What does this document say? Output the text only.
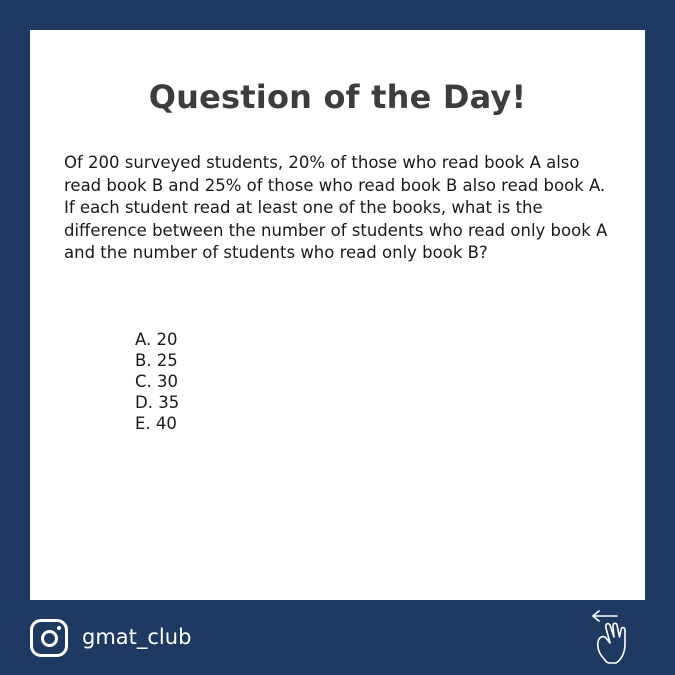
Question of the Day!
Of 200 surveyed students, 20% of those who read book A also read book B and 25% of those who read book B also read book A. If each student read at least one of the books, what is the difference between the number of students who read only book A and the number of students who read only book B?
A. 20
B. 25
C. 30
D. 35
E. 40
gmat_club
